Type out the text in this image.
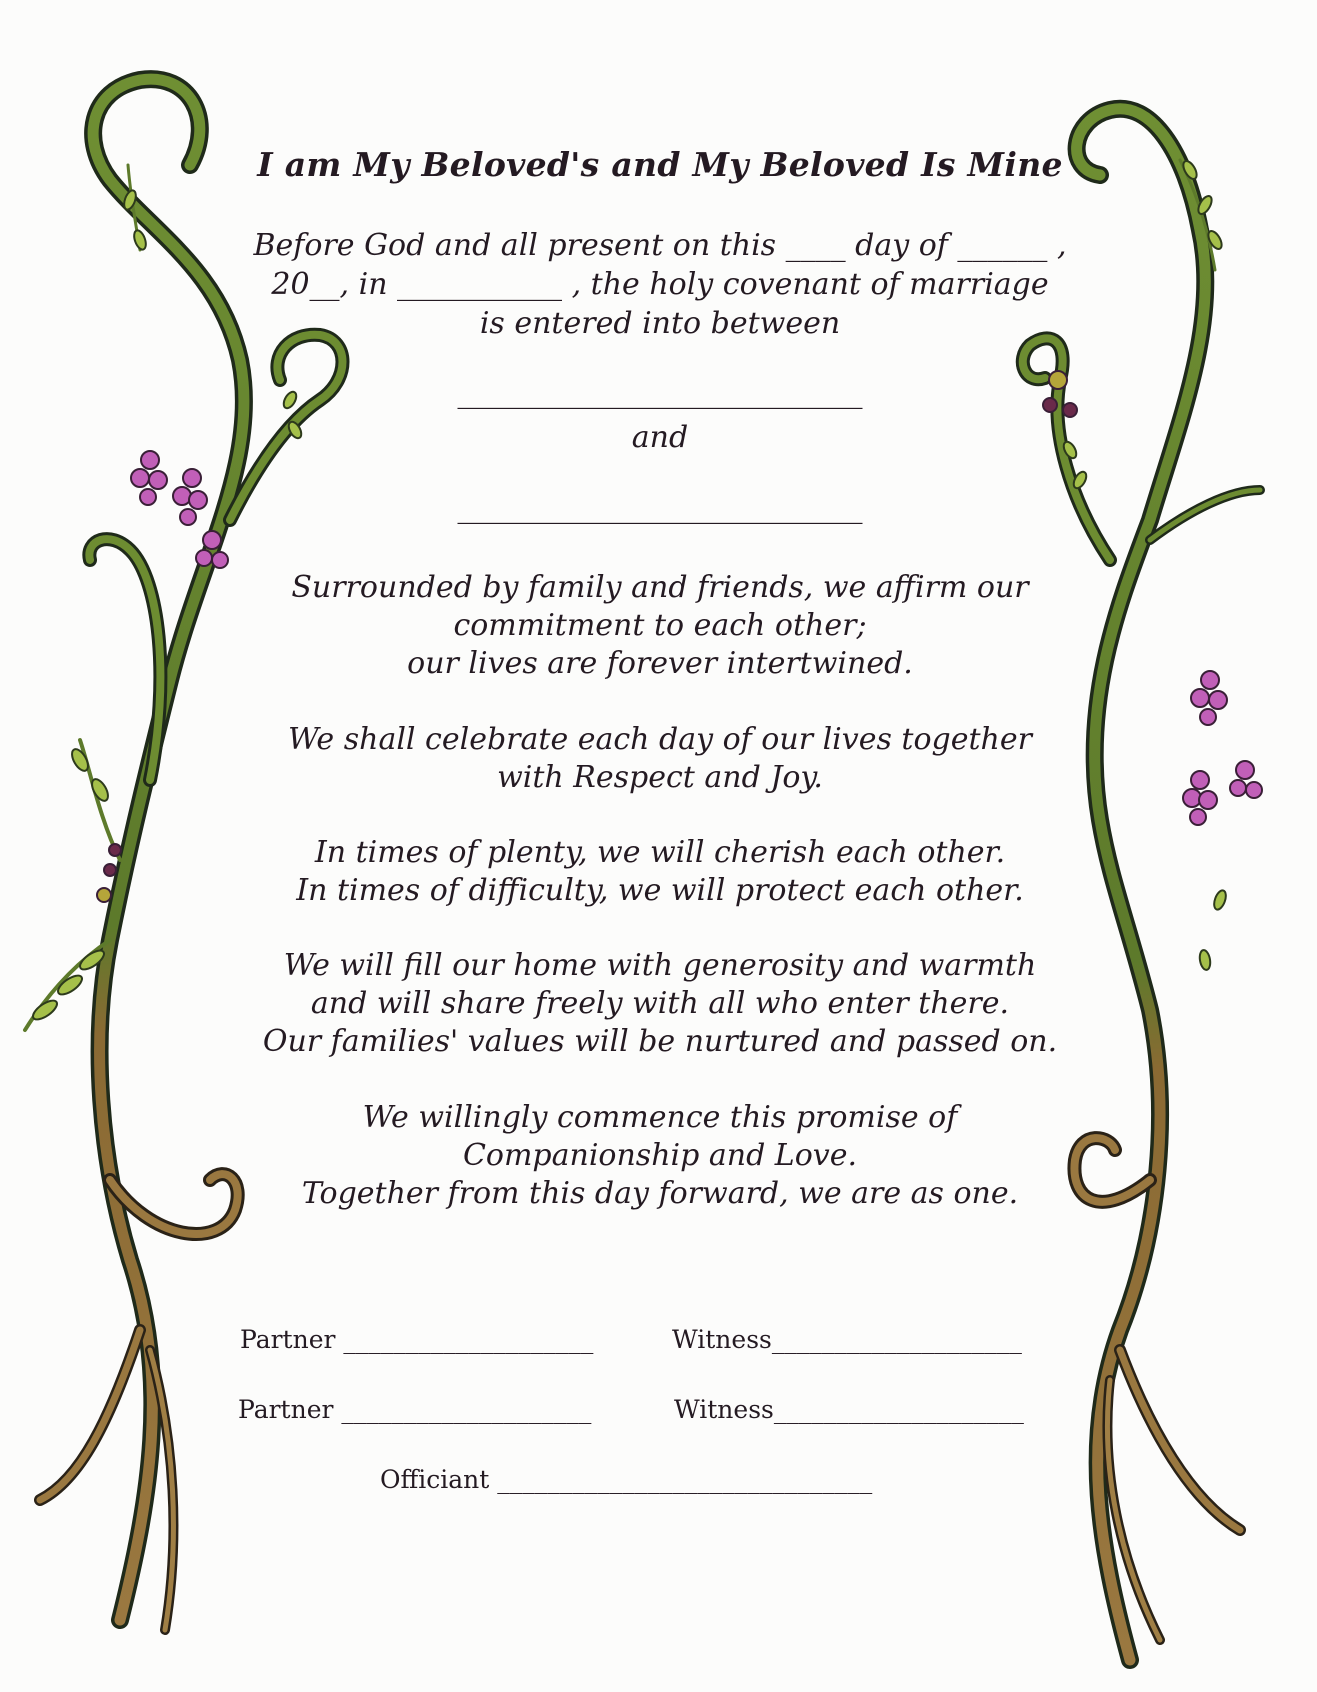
I am My Beloved's and My Beloved Is Mine
Before God and all present on this ____ day of ______ ,
20__, in ___________ , the holy covenant of marriage
is entered into between
___________________________
and
___________________________
Surrounded by family and friends, we affirm our
commitment to each other;
our lives are forever intertwined.
We shall celebrate each day of our lives together
with Respect and Joy.
In times of plenty, we will cherish each other.
In times of difficulty, we will protect each other.
We will fill our home with generosity and warmth
and will share freely with all who enter there.
Our families' values will be nurtured and passed on.
We willingly commence this promise of
Companionship and Love.
Together from this day forward, we are as one.
Partner ____________________	Witness____________________
Partner ____________________	Witness____________________
Officiant ______________________________
